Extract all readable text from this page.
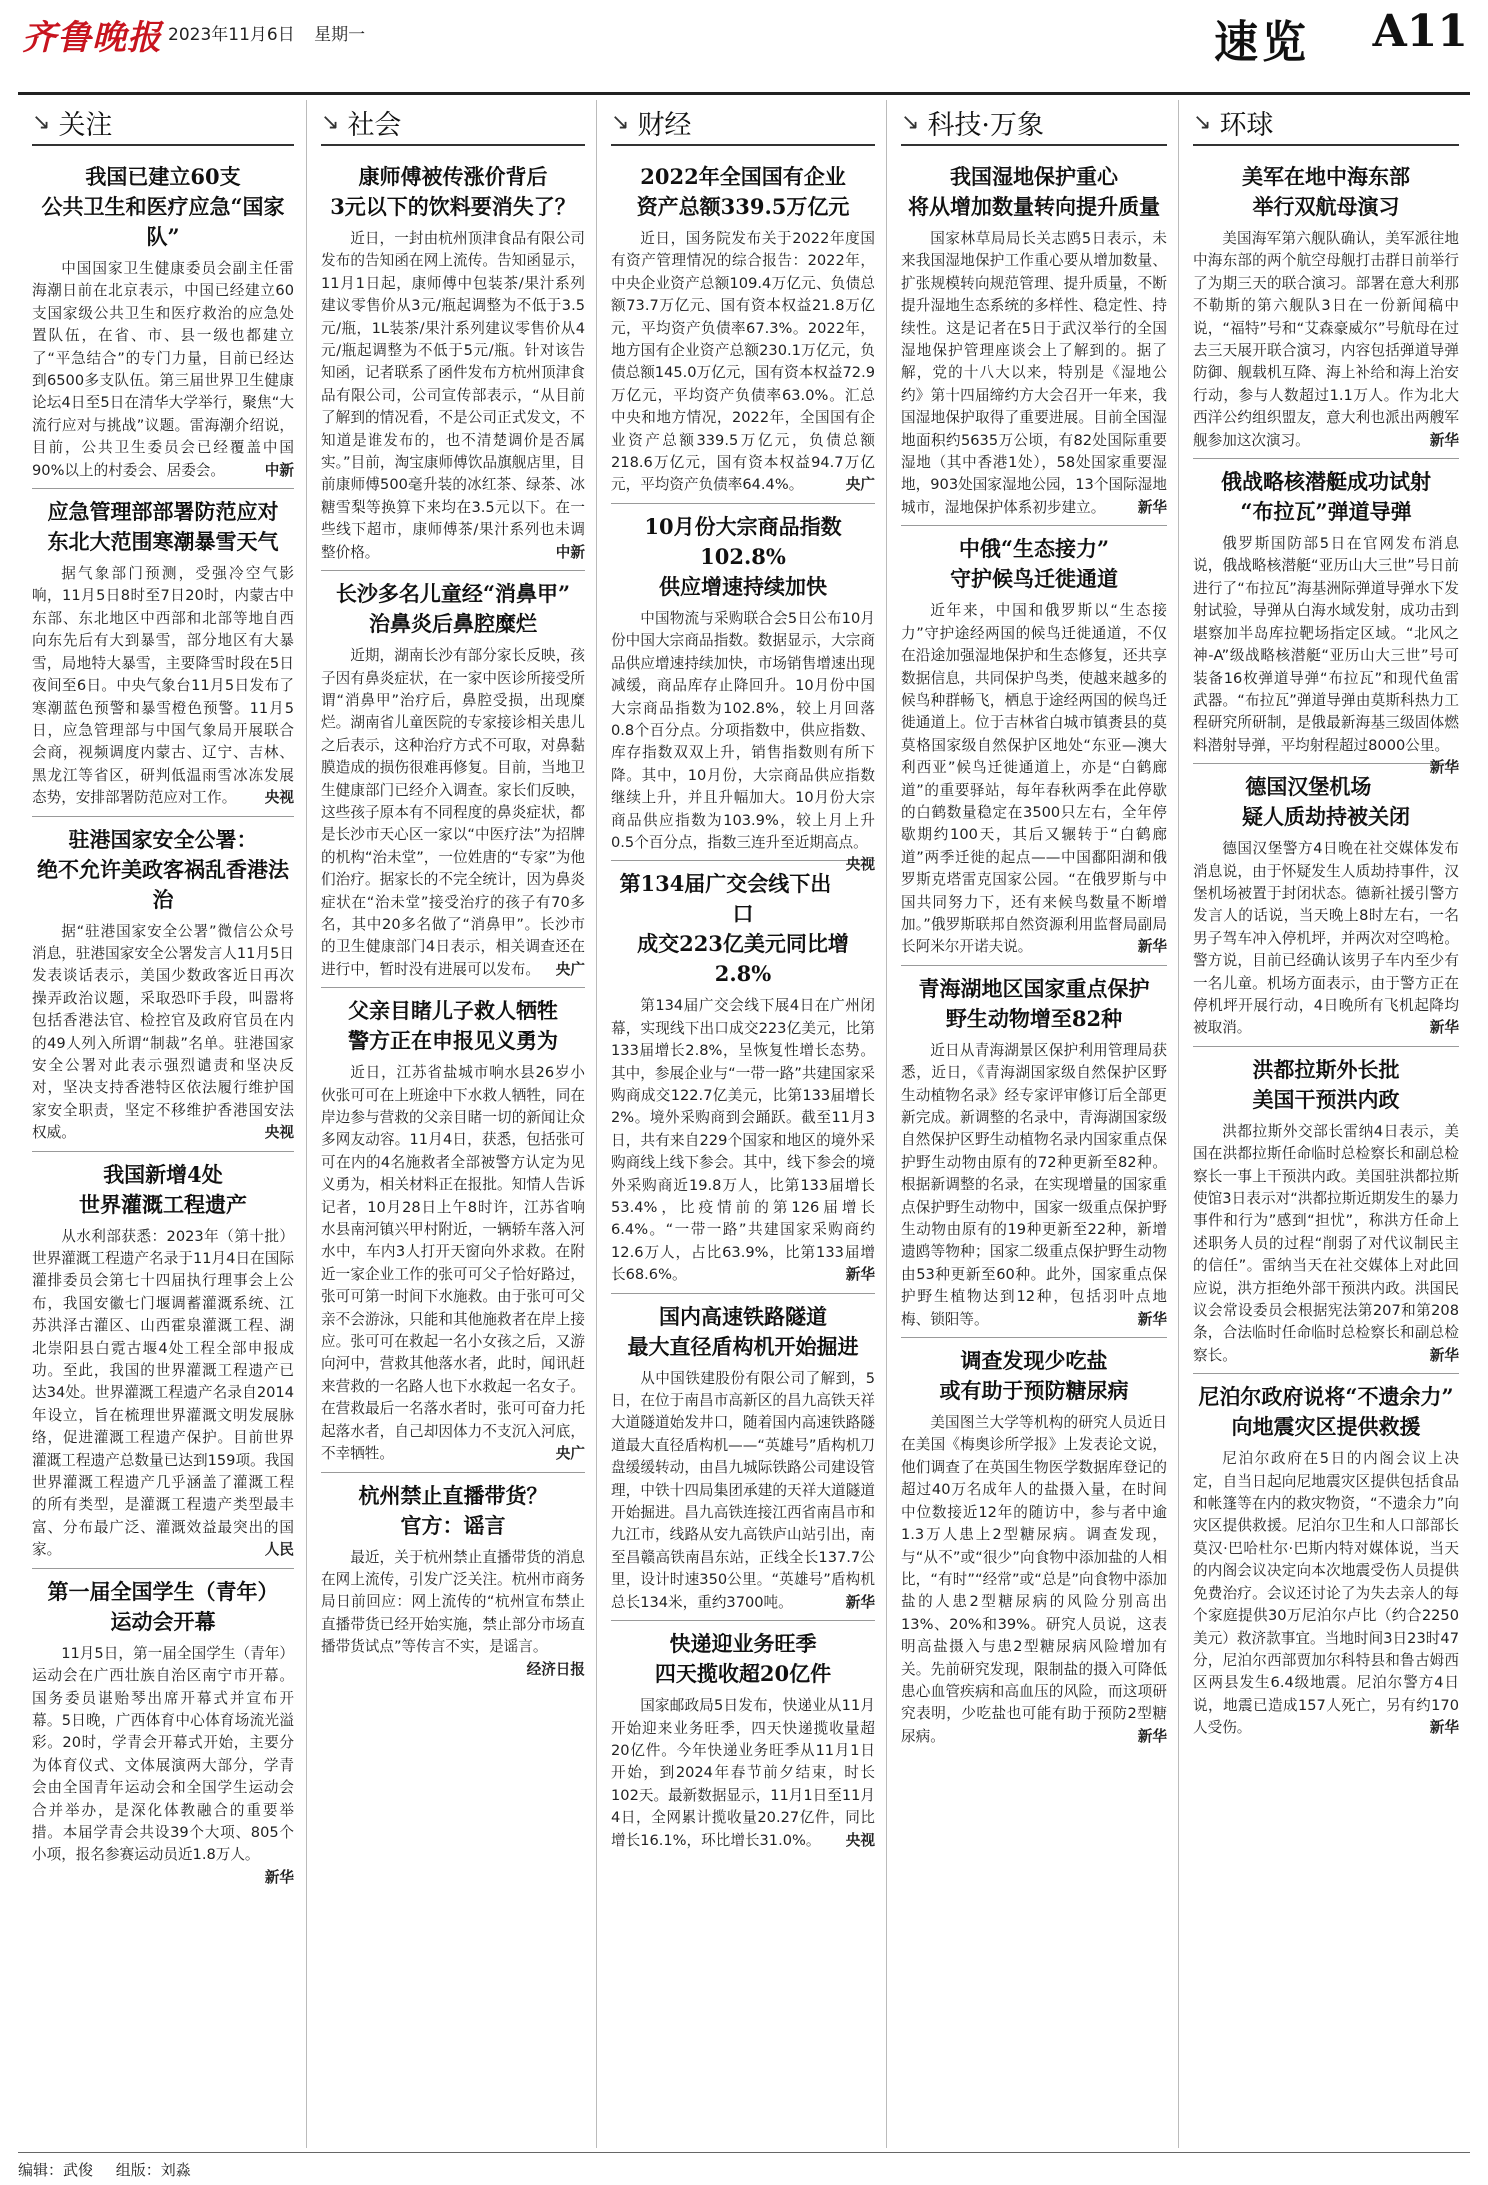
齐鲁晚报 2023年11月6日 星期一	速览 A11
↘ 关注
我国已建立60支
公共卫生和医疗应急“国家队”

中国国家卫生健康委员会副主任雷海潮日前在北京表示，中国已经建立60支国家级公共卫生和医疗救治的应急处置队伍，在省、市、县一级也都建立了“平急结合”的专门力量，目前已经达到6500多支队伍。第三届世界卫生健康论坛4日至5日在清华大学举行，聚焦“大流行应对与挑战”议题。雷海潮介绍说，目前，公共卫生委员会已经覆盖中国90%以上的村委会、居委会。	中新

应急管理部部署防范应对
东北大范围寒潮暴雪天气

据气象部门预测，受强冷空气影响，11月5日8时至7日20时，内蒙古中东部、东北地区中西部和北部等地自西向东先后有大到暴雪，部分地区有大暴雪，局地特大暴雪，主要降雪时段在5日夜间至6日。中央气象台11月5日发布了寒潮蓝色预警和暴雪橙色预警。11月5日，应急管理部与中国气象局开展联合会商，视频调度内蒙古、辽宁、吉林、黑龙江等省区，研判低温雨雪冰冻发展态势，安排部署防范应对工作。 央视

驻港国家安全公署：
绝不允许美政客祸乱香港法治

据“驻港国家安全公署”微信公众号消息，驻港国家安全公署发言人11月5日发表谈话表示，美国少数政客近日再次操弄政治议题，采取恐吓手段，叫嚣将包括香港法官、检控官及政府官员在内的49人列入所谓“制裁”名单。驻港国家安全公署对此表示强烈谴责和坚决反对，坚决支持香港特区依法履行维护国家安全职责，坚定不移维护香港国安法权威。	央视

我国新增4处
世界灌溉工程遗产

从水利部获悉：2023年（第十批）世界灌溉工程遗产名录于11月4日在国际灌排委员会第七十四届执行理事会上公布，我国安徽七门堰调蓄灌溉系统、江苏洪泽古灌区、山西霍泉灌溉工程、湖北崇阳县白霓古堰4处工程全部申报成功。至此，我国的世界灌溉工程遗产已达34处。世界灌溉工程遗产名录自2014年设立，旨在梳理世界灌溉文明发展脉络，促进灌溉工程遗产保护。目前世界灌溉工程遗产总数量已达到159项。我国世界灌溉工程遗产几乎涵盖了灌溉工程的所有类型，是灌溉工程遗产类型最丰富、分布最广泛、灌溉效益最突出的国家。	人民

第一届全国学生（青年）
运动会开幕

11月5日，第一届全国学生（青年）运动会在广西壮族自治区南宁市开幕。国务委员谌贻琴出席开幕式并宣布开幕。5日晚，广西体育中心体育场流光溢彩。20时，学青会开幕式开始，主要分为体育仪式、文体展演两大部分，学青会由全国青年运动会和全国学生运动会合并举办，是深化体教融合的重要举措。本届学青会共设39个大项、805个小项，报名参赛运动员近1.8万人。
新华

↘ 社会
康师傅被传涨价背后
3元以下的饮料要消失了？

近日，一封由杭州顶津食品有限公司发布的告知函在网上流传。告知函显示，11月1日起，康师傅中包装茶/果汁系列建议零售价从3元/瓶起调整为不低于3.5元/瓶，1L装茶/果汁系列建议零售价从4元/瓶起调整为不低于5元/瓶。针对该告知函，记者联系了函件发布方杭州顶津食品有限公司，公司宣传部表示，“从目前了解到的情况看，不是公司正式发文，不知道是谁发布的，也不清楚调价是否属实。”目前，淘宝康师傅饮品旗舰店里，目前康师傅500毫升装的冰红茶、绿茶、冰糖雪梨等换算下来均在3.5元以下。在一些线下超市，康师傅茶/果汁系列也未调整价格。	中新

长沙多名儿童经“消鼻甲”
治鼻炎后鼻腔糜烂

近期，湖南长沙有部分家长反映，孩子因有鼻炎症状，在一家中医诊所接受所谓“消鼻甲”治疗后，鼻腔受损，出现糜烂。湖南省儿童医院的专家接诊相关患儿之后表示，这种治疗方式不可取，对鼻黏膜造成的损伤很难再修复。目前，当地卫生健康部门已经介入调查。家长们反映，这些孩子原本有不同程度的鼻炎症状，都是长沙市天心区一家以“中医疗法”为招牌的机构“治未堂”，一位姓唐的“专家”为他们治疗。据家长的不完全统计，因为鼻炎症状在“治未堂”接受治疗的孩子有70多名，其中20多名做了“消鼻甲”。长沙市的卫生健康部门4日表示，相关调查还在进行中，暂时没有进展可以发布。 央广

父亲目睹儿子救人牺牲
警方正在申报见义勇为

近日，江苏省盐城市响水县26岁小伙张可可在上班途中下水救人牺牲，同在岸边参与营救的父亲目睹一切的新闻让众多网友动容。11月4日，获悉，包括张可可在内的4名施救者全部被警方认定为见义勇为，相关材料正在报批。知情人告诉记者，10月28日上午8时许，江苏省响水县南河镇兴甲村附近，一辆轿车落入河水中，车内3人打开天窗向外求救。在附近一家企业工作的张可可父子恰好路过，张可可第一时间下水施救。由于张可可父亲不会游泳，只能和其他施救者在岸上接应。张可可在救起一名小女孩之后，又游向河中，营救其他落水者，此时，闻讯赶来营救的一名路人也下水救起一名女子。在营救最后一名落水者时，张可可奋力托起落水者，自己却因体力不支沉入河底，不幸牺牲。	央广

杭州禁止直播带货？
官方：谣言

最近，关于杭州禁止直播带货的消息在网上流传，引发广泛关注。杭州市商务局日前回应：网上流传的“杭州宣布禁止直播带货已经开始实施，禁止部分市场直播带货试点”等传言不实，是谣言。
经济日报

↘ 财经
2022年全国国有企业
资产总额339.5万亿元

近日，国务院发布关于2022年度国有资产管理情况的综合报告：2022年，中央企业资产总额109.4万亿元、负债总额73.7万亿元、国有资本权益21.8万亿元，平均资产负债率67.3%。2022年，地方国有企业资产总额230.1万亿元，负债总额145.0万亿元，国有资本权益72.9万亿元，平均资产负债率63.0%。汇总中央和地方情况，2022年，全国国有企业资产总额339.5万亿元，负债总额218.6万亿元，国有资本权益94.7万亿元，平均资产负债率64.4%。	央广

10月份大宗商品指数102.8%
供应增速持续加快

中国物流与采购联合会5日公布10月份中国大宗商品指数。数据显示，大宗商品供应增速持续加快，市场销售增速出现减缓，商品库存止降回升。10月份中国大宗商品指数为102.8%，较上月回落0.8个百分点。分项指数中，供应指数、库存指数双双上升，销售指数则有所下降。其中，10月份，大宗商品供应指数继续上升，并且升幅加大。10月份大宗商品供应指数为103.9%，较上月上升0.5个百分点，指数三连升至近期高点。
央视

第134届广交会线下出口
成交223亿美元同比增2.8%

第134届广交会线下展4日在广州闭幕，实现线下出口成交223亿美元，比第133届增长2.8%，呈恢复性增长态势。其中，参展企业与“一带一路”共建国家采购商成交122.7亿美元，比第133届增长2%。境外采购商到会踊跃。截至11月3日，共有来自229个国家和地区的境外采购商线上线下参会。其中，线下参会的境外采购商近19.8万人，比第133届增长53.4%，比疫情前的第126届增长6.4%。“一带一路”共建国家采购商约12.6万人，占比63.9%，比第133届增长68.6%。	新华

国内高速铁路隧道
最大直径盾构机开始掘进

从中国铁建股份有限公司了解到，5日，在位于南昌市高新区的昌九高铁天祥大道隧道始发井口，随着国内高速铁路隧道最大直径盾构机——“英雄号”盾构机刀盘缓缓转动，由昌九城际铁路公司建设管理，中铁十四局集团承建的天祥大道隧道开始掘进。昌九高铁连接江西省南昌市和九江市，线路从安九高铁庐山站引出，南至昌赣高铁南昌东站，正线全长137.7公里，设计时速350公里。“英雄号”盾构机总长134米，重约3700吨。	新华

快递迎业务旺季
四天揽收超20亿件

国家邮政局5日发布，快递业从11月开始迎来业务旺季，四天快递揽收量超20亿件。今年快递业务旺季从11月1日开始，到2024年春节前夕结束，时长102天。最新数据显示，11月1日至11月4日，全网累计揽收量20.27亿件，同比增长16.1%，环比增长31.0%。 央视

↘ 科技·万象
我国湿地保护重心
将从增加数量转向提升质量

国家林草局局长关志鸥5日表示，未来我国湿地保护工作重心要从增加数量、扩张规模转向规范管理、提升质量，不断提升湿地生态系统的多样性、稳定性、持续性。这是记者在5日于武汉举行的全国湿地保护管理座谈会上了解到的。据了解，党的十八大以来，特别是《湿地公约》第十四届缔约方大会召开一年来，我国湿地保护取得了重要进展。目前全国湿地面积约5635万公顷，有82处国际重要湿地（其中香港1处），58处国家重要湿地，903处国家湿地公园，13个国际湿地城市，湿地保护体系初步建立。 新华

中俄“生态接力”
守护候鸟迁徙通道

近年来，中国和俄罗斯以“生态接力”守护途经两国的候鸟迁徙通道，不仅在沿途加强湿地保护和生态修复，还共享数据信息，共同保护鸟类，使越来越多的候鸟种群畅飞，栖息于途经两国的候鸟迁徙通道上。位于吉林省白城市镇赉县的莫莫格国家级自然保护区地处“东亚—澳大利西亚”候鸟迁徙通道上，亦是“白鹤廊道”的重要驿站，每年春秋两季在此停歇的白鹤数量稳定在3500只左右，全年停歇期约100天，其后又辗转于“白鹤廊道”两季迁徙的起点——中国鄱阳湖和俄罗斯克塔雷克国家公园。“在俄罗斯与中国共同努力下，还有来候鸟数量不断增加。”俄罗斯联邦自然资源利用监督局副局长阿米尔开诺夫说。	新华

青海湖地区国家重点保护
野生动物增至82种

近日从青海湖景区保护利用管理局获悉，近日，《青海湖国家级自然保护区野生动植物名录》经专家评审修订后全部更新完成。新调整的名录中，青海湖国家级自然保护区野生动植物名录内国家重点保护野生动物由原有的72种更新至82种。根据新调整的名录，在实现增量的国家重点保护野生动物中，国家一级重点保护野生动物由原有的19种更新至22种，新增遗鸥等物种；国家二级重点保护野生动物由53种更新至60种。此外，国家重点保护野生植物达到12种，包括羽叶点地梅、锁阳等。	新华

调查发现少吃盐
或有助于预防糖尿病

美国图兰大学等机构的研究人员近日在美国《梅奥诊所学报》上发表论文说，他们调查了在英国生物医学数据库登记的超过40万名成年人的盐摄入量，在时间中位数接近12年的随访中，参与者中逾1.3万人患上2型糖尿病。调查发现，与“从不”或“很少”向食物中添加盐的人相比，“有时”“经常”或“总是”向食物中添加盐的人患2型糖尿病的风险分别高出13%、20%和39%。研究人员说，这表明高盐摄入与患2型糖尿病风险增加有关。先前研究发现，限制盐的摄入可降低患心血管疾病和高血压的风险，而这项研究表明，少吃盐也可能有助于预防2型糖尿病。	新华

↘ 环球
美军在地中海东部
举行双航母演习

美国海军第六舰队确认，美军派往地中海东部的两个航空母舰打击群日前举行了为期三天的联合演习。部署在意大利那不勒斯的第六舰队3日在一份新闻稿中说，“福特”号和“艾森豪威尔”号航母在过去三天展开联合演习，内容包括弹道导弹防御、舰载机互降、海上补给和海上治安行动，参与人数超过1.1万人。作为北大西洋公约组织盟友，意大利也派出两艘军舰参加这次演习。	新华

俄战略核潜艇成功试射
“布拉瓦”弹道导弹

俄罗斯国防部5日在官网发布消息说，俄战略核潜艇“亚历山大三世”号日前进行了“布拉瓦”海基洲际弹道导弹水下发射试验，导弹从白海水域发射，成功击到堪察加半岛库拉靶场指定区域。“北风之神-A”级战略核潜艇“亚历山大三世”号可装备16枚弹道导弹“布拉瓦”和现代鱼雷武器。“布拉瓦”弹道导弹由莫斯科热力工程研究所研制，是俄最新海基三级固体燃料潜射导弹，平均射程超过8000公里。
新华

德国汉堡机场
疑人质劫持被关闭

德国汉堡警方4日晚在社交媒体发布消息说，由于怀疑发生人质劫持事件，汉堡机场被置于封闭状态。德新社援引警方发言人的话说，当天晚上8时左右，一名男子驾车冲入停机坪，并两次对空鸣枪。警方说，目前已经确认该男子车内至少有一名儿童。机场方面表示，由于警方正在停机坪开展行动，4日晚所有飞机起降均被取消。	新华

洪都拉斯外长批
美国干预洪内政

洪都拉斯外交部长雷纳4日表示，美国在洪都拉斯任命临时总检察长和副总检察长一事上干预洪内政。美国驻洪都拉斯使馆3日表示对“洪都拉斯近期发生的暴力事件和行为”感到“担忧”，称洪方任命上述职务人员的过程“削弱了对代议制民主的信任”。雷纳当天在社交媒体上对此回应说，洪方拒绝外部干预洪内政。洪国民议会常设委员会根据宪法第207和第208条，合法临时任命临时总检察长和副总检察长。	新华

尼泊尔政府说将“不遗余力”
向地震灾区提供救援

尼泊尔政府在5日的内阁会议上决定，自当日起向尼地震灾区提供包括食品和帐篷等在内的救灾物资，“不遗余力”向灾区提供救援。尼泊尔卫生和人口部部长莫汉·巴哈杜尔·巴斯内特对媒体说，当天的内阁会议决定向本次地震受伤人员提供免费治疗。会议还讨论了为失去亲人的每个家庭提供30万尼泊尔卢比（约合2250美元）救济款事宜。当地时间3日23时47分，尼泊尔西部贾加尔科特县和鲁古姆西区两县发生6.4级地震。尼泊尔警方4日说，地震已造成157人死亡，另有约170人受伤。	新华

编辑：武俊 组版：刘淼
